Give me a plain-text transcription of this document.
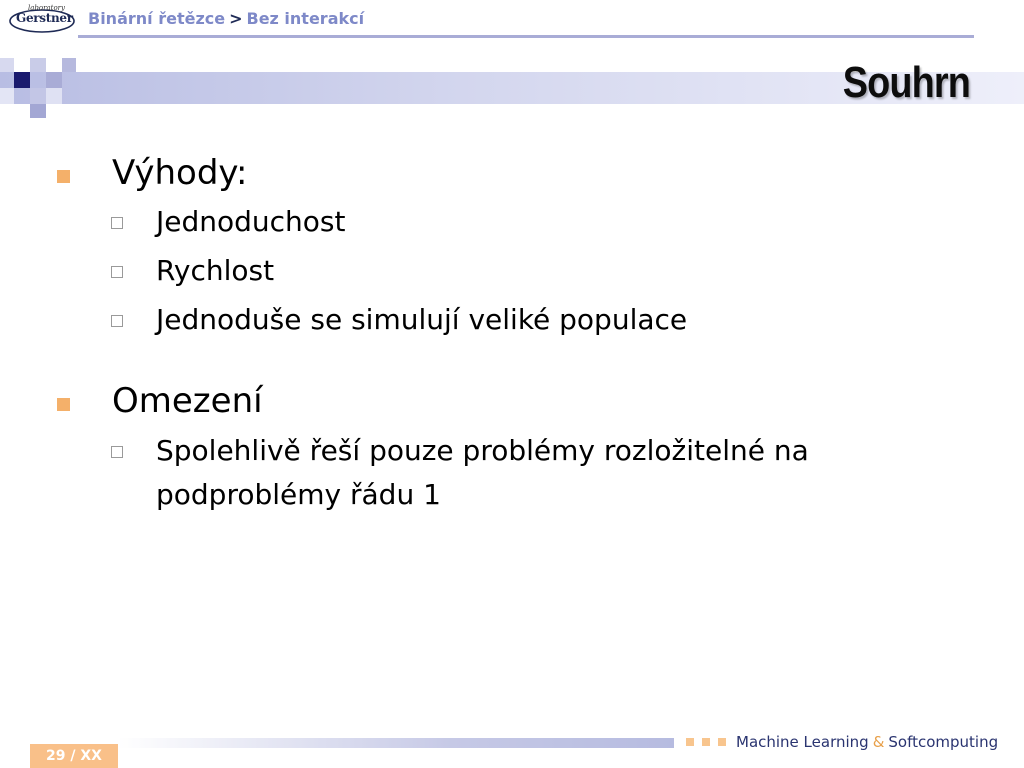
laboratory
Gerstner Binární řetězce > Bez interakcí
Souhrn
Výhody:
Jednoduchost
Rychlost
Jednoduše se simulují veliké populace
Omezení
Spolehlivě řeší pouze problémy rozložitelné na
podproblémy řádu 1
29 / XX
Machine Learning & Softcomputing
